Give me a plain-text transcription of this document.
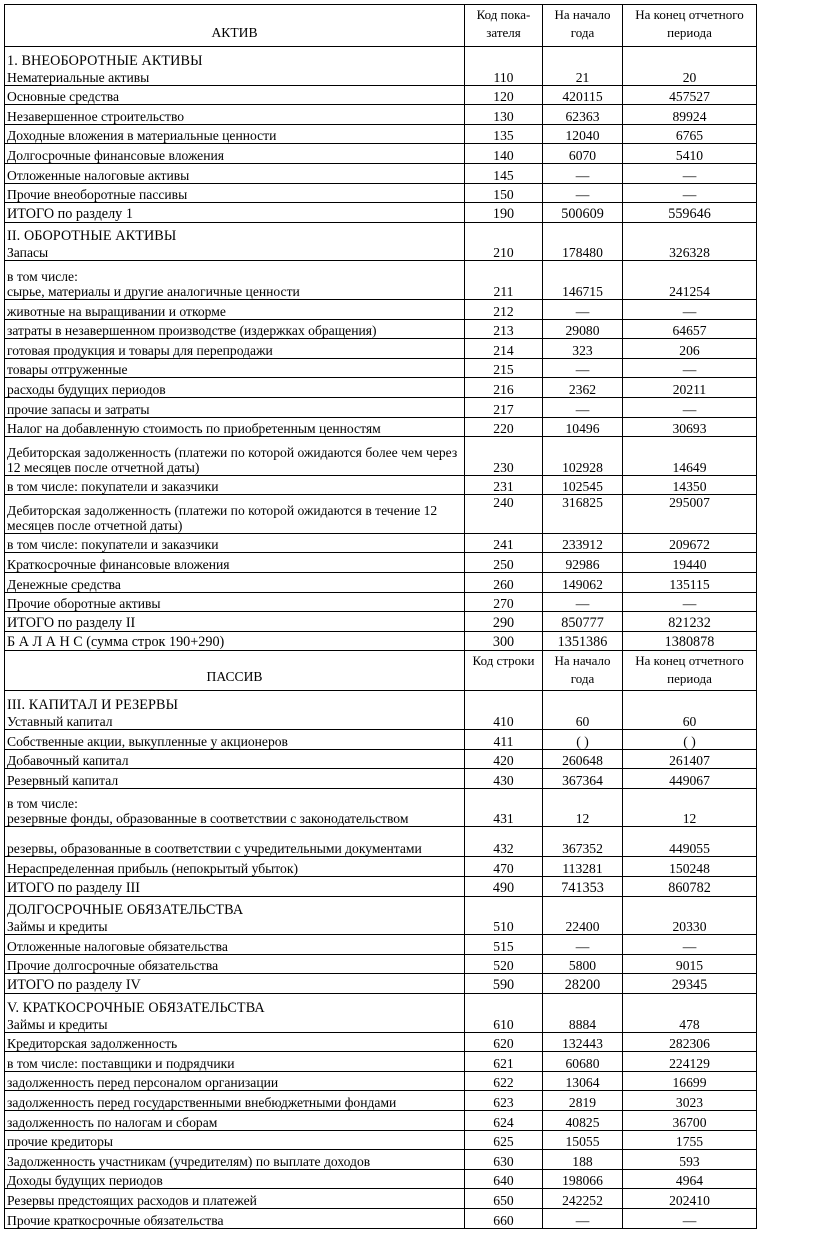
АКТИВ	Код пока-зателя	На начало года	На конец отчетного периода

1. ВНЕОБОРОТНЫЕ АКТИВЫ
Нематериальные активы	110	21	20
Основные средства	120	420115	457527
Незавершенное строительство	130	62363	89924
Доходные вложения в материальные ценности	135	12040	6765
Долгосрочные финансовые вложения	140	6070	5410
Отложенные налоговые активы	145	—	—
Прочие внеоборотные пассивы	150	—	—
ИТОГО по разделу 1	190	500609	559646

II. ОБОРОТНЫЕ АКТИВЫ
Запасы	210	178480	326328

в том числе:
сырье, материалы и другие аналогичные ценности	211	146715	241254
животные на выращивании и откорме	212	—	—
затраты в незавершенном производстве (издержках обращения)	213	29080	64657
готовая продукция и товары для перепродажи	214	323	206
товары отгруженные	215	—	—
расходы будущих периодов	216	2362	20211
прочие запасы и затраты	217	—	—
Налог на добавленную стоимость по приобретенным ценностям	220	10496	30693
Дебиторская задолженность (платежи по которой ожидаются более чем через 12 месяцев после отчетной даты)	230	102928	14649
в том числе: покупатели и заказчики	231	102545	14350
Дебиторская задолженность (платежи по которой ожидаются в течение 12 месяцев после отчетной даты)	240	316825	295007
в том числе: покупатели и заказчики	241	233912	209672
Краткосрочные финансовые вложения	250	92986	19440
Денежные средства	260	149062	135115
Прочие оборотные активы	270	—	—
ИТОГО по разделу II	290	850777	821232
Б А Л А Н С (сумма строк 190+290)	300	1351386	1380878
ПАССИВ	Код строки	На начало года	На конец отчетного периода

III. КАПИТАЛ И РЕЗЕРВЫ
Уставный капитал	410	60	60
Собственные акции, выкупленные у акционеров	411	( )	( )
Добавочный капитал	420	260648	261407
Резервный капитал	430	367364	449067

в том числе:
резервные фонды, образованные в соответствии с законодательством	431	12	12
резервы, образованные в соответствии с учредительными документами	432	367352	449055
Нераспределенная прибыль (непокрытый убыток)	470	113281	150248
ИТОГО по разделу III	490	741353	860782

ДОЛГОСРОЧНЫЕ ОБЯЗАТЕЛЬСТВА
Займы и кредиты	510	22400	20330
Отложенные налоговые обязательства	515	—	—
Прочие долгосрочные обязательства	520	5800	9015
ИТОГО по разделу IV	590	28200	29345

V. КРАТКОСРОЧНЫЕ ОБЯЗАТЕЛЬСТВА
Займы и кредиты	610	8884	478
Кредиторская задолженность	620	132443	282306
в том числе: поставщики и подрядчики	621	60680	224129
задолженность перед персоналом организации	622	13064	16699
задолженность перед государственными внебюджетными фондами	623	2819	3023
задолженность по налогам и сборам	624	40825	36700
прочие кредиторы	625	15055	1755
Задолженность участникам (учредителям) по выплате доходов	630	188	593
Доходы будущих периодов	640	198066	4964
Резервы предстоящих расходов и платежей	650	242252	202410
Прочие краткосрочные обязательства	660	—	—
